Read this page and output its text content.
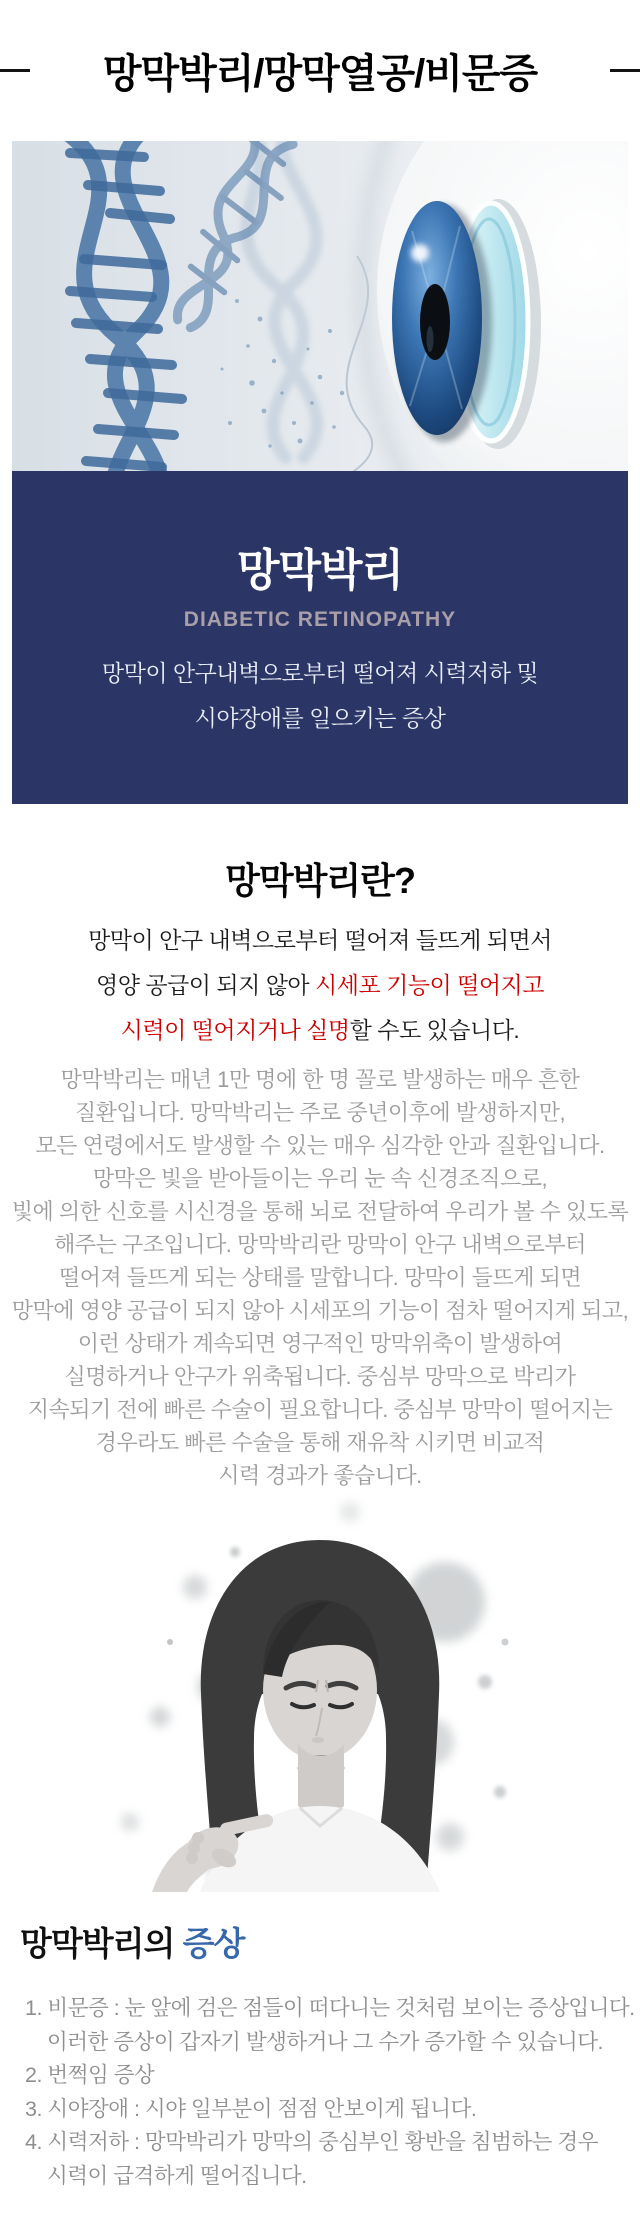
망막박리/망막열공/비문증
망막박리
DIABETIC RETINOPATHY
망막이 안구내벽으로부터 떨어져 시력저하 및
시야장애를 일으키는 증상
망막박리란?
망막이 안구 내벽으로부터 떨어져 들뜨게 되면서
영양 공급이 되지 않아 시세포 기능이 떨어지고
시력이 떨어지거나 실명할 수도 있습니다.
망막박리는 매년 1만 명에 한 명 꼴로 발생하는 매우 흔한
질환입니다. 망막박리는 주로 중년이후에 발생하지만,
모든 연령에서도 발생할 수 있는 매우 심각한 안과 질환입니다.
망막은 빛을 받아들이는 우리 눈 속 신경조직으로,
빛에 의한 신호를 시신경을 통해 뇌로 전달하여 우리가 볼 수 있도록
해주는 구조입니다. 망막박리란 망막이 안구 내벽으로부터
떨어져 들뜨게 되는 상태를 말합니다. 망막이 들뜨게 되면
망막에 영양 공급이 되지 않아 시세포의 기능이 점차 떨어지게 되고,
이런 상태가 계속되면 영구적인 망막위축이 발생하여
실명하거나 안구가 위축됩니다. 중심부 망막으로 박리가
지속되기 전에 빠른 수술이 필요합니다. 중심부 망막이 떨어지는
경우라도 빠른 수술을 통해 재유착 시키면 비교적
시력 경과가 좋습니다.
망막박리의 증상
1. 비문증 : 눈 앞에 검은 점들이 떠다니는 것처럼 보이는 증상입니다.
이러한 증상이 갑자기 발생하거나 그 수가 증가할 수 있습니다.
2. 번쩍임 증상
3. 시야장애 : 시야 일부분이 점점 안보이게 됩니다.
4. 시력저하 : 망막박리가 망막의 중심부인 황반을 침범하는 경우
시력이 급격하게 떨어집니다.
